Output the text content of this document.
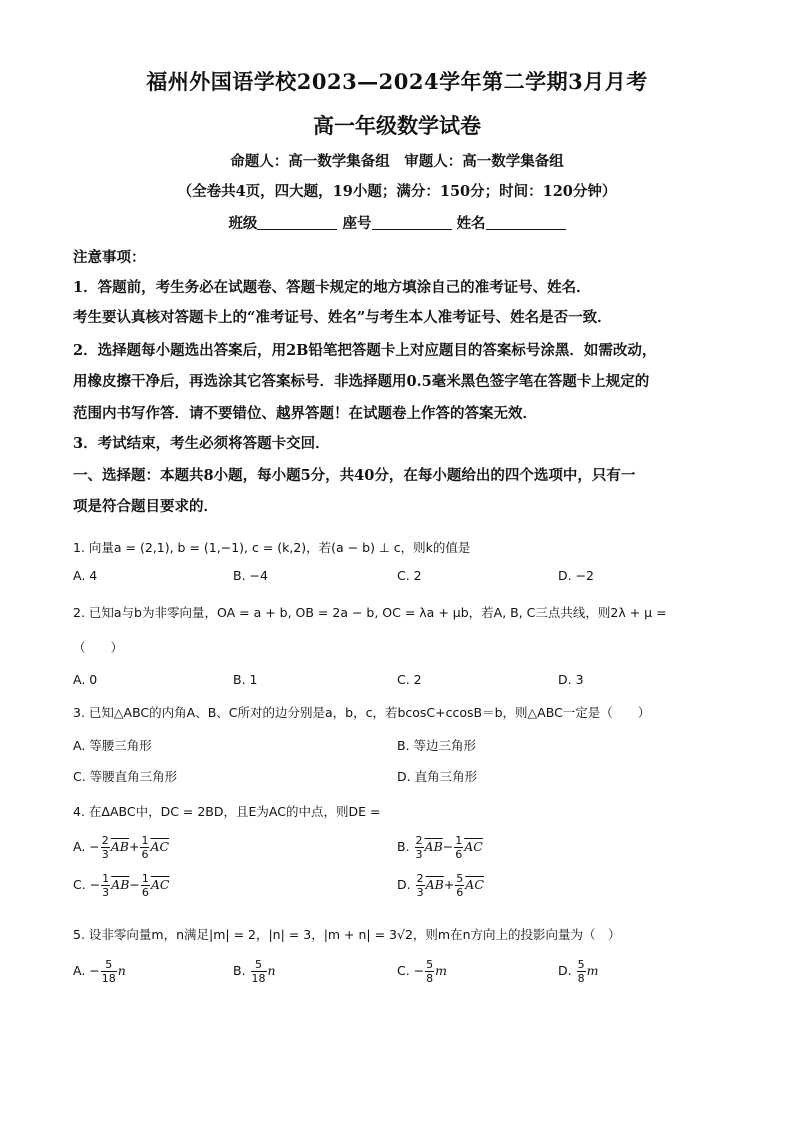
福州外国语学校2023—2024学年第二学期3月月考
高一年级数学试卷
命题人：高一数学集备组　审题人：高一数学集备组
（全卷共4页，四大题，19小题；满分：150分；时间：120分钟）
班级	座号	姓名
注意事项：
1．答题前，考生务必在试题卷、答题卡规定的地方填涂自己的准考证号、姓名．
考生要认真核对答题卡上的“准考证号、姓名”与考生本人准考证号、姓名是否一致．
2．选择题每小题选出答案后，用2B铅笔把答题卡上对应题目的答案标号涂黑．如需改动，
用橡皮擦干净后，再选涂其它答案标号．非选择题用0.5毫米黑色签字笔在答题卡上规定的
范围内书写作答．请不要错位、越界答题！在试题卷上作答的答案无效．
3．考试结束，考生必须将答题卡交回．
一、选择题：本题共8小题，每小题5分，共40分，在每小题给出的四个选项中，只有一
项是符合题目要求的．
1. 向量a = (2,1), b = (1,−1), c = (k,2)，若(a − b) ⊥ c，则k的值是
A. 4	B. −4	C. 2	D. −2
2. 已知a与b为非零向量，OA = a + b, OB = 2a − b, OC = λa + μb，若A, B, C三点共线，则2λ + μ =
（　　）
A. 0	B. 1	C. 2	D. 3
3. 已知△ABC的内角A、B、C所对的边分别是a，b，c，若bcosC+ccosB＝b，则△ABC一定是（　　）
A. 等腰三角形	B. 等边三角形
C. 等腰直角三角形	D. 直角三角形
4. 在ΔABC中，DC = 2BD，且E为AC的中点，则DE =
A. − $\frac{2}{3} \overline{AB}+ \frac{1}{6} \overline{AC}$	B. $\frac{2}{3} \overline{AB}- \frac{1}{6} \overline{AC}$
C. − $\frac{1}{3} \overline{AB}- \frac{1}{6} \overline{AC}$	D. $\frac{2}{3} \overline{AB}+ \frac{5}{6} \overline{AC}$
5. 设非零向量m，n满足|m| = 2，|n| = 3，|m + n| = 3√2，则m在n方向上的投影向量为（　）
A. − $\frac{5}{18}$ n	B. $\frac{5}{18}$ n	C. − $\frac{5}{8}$ m	D. $\frac{5}{8}$ m
